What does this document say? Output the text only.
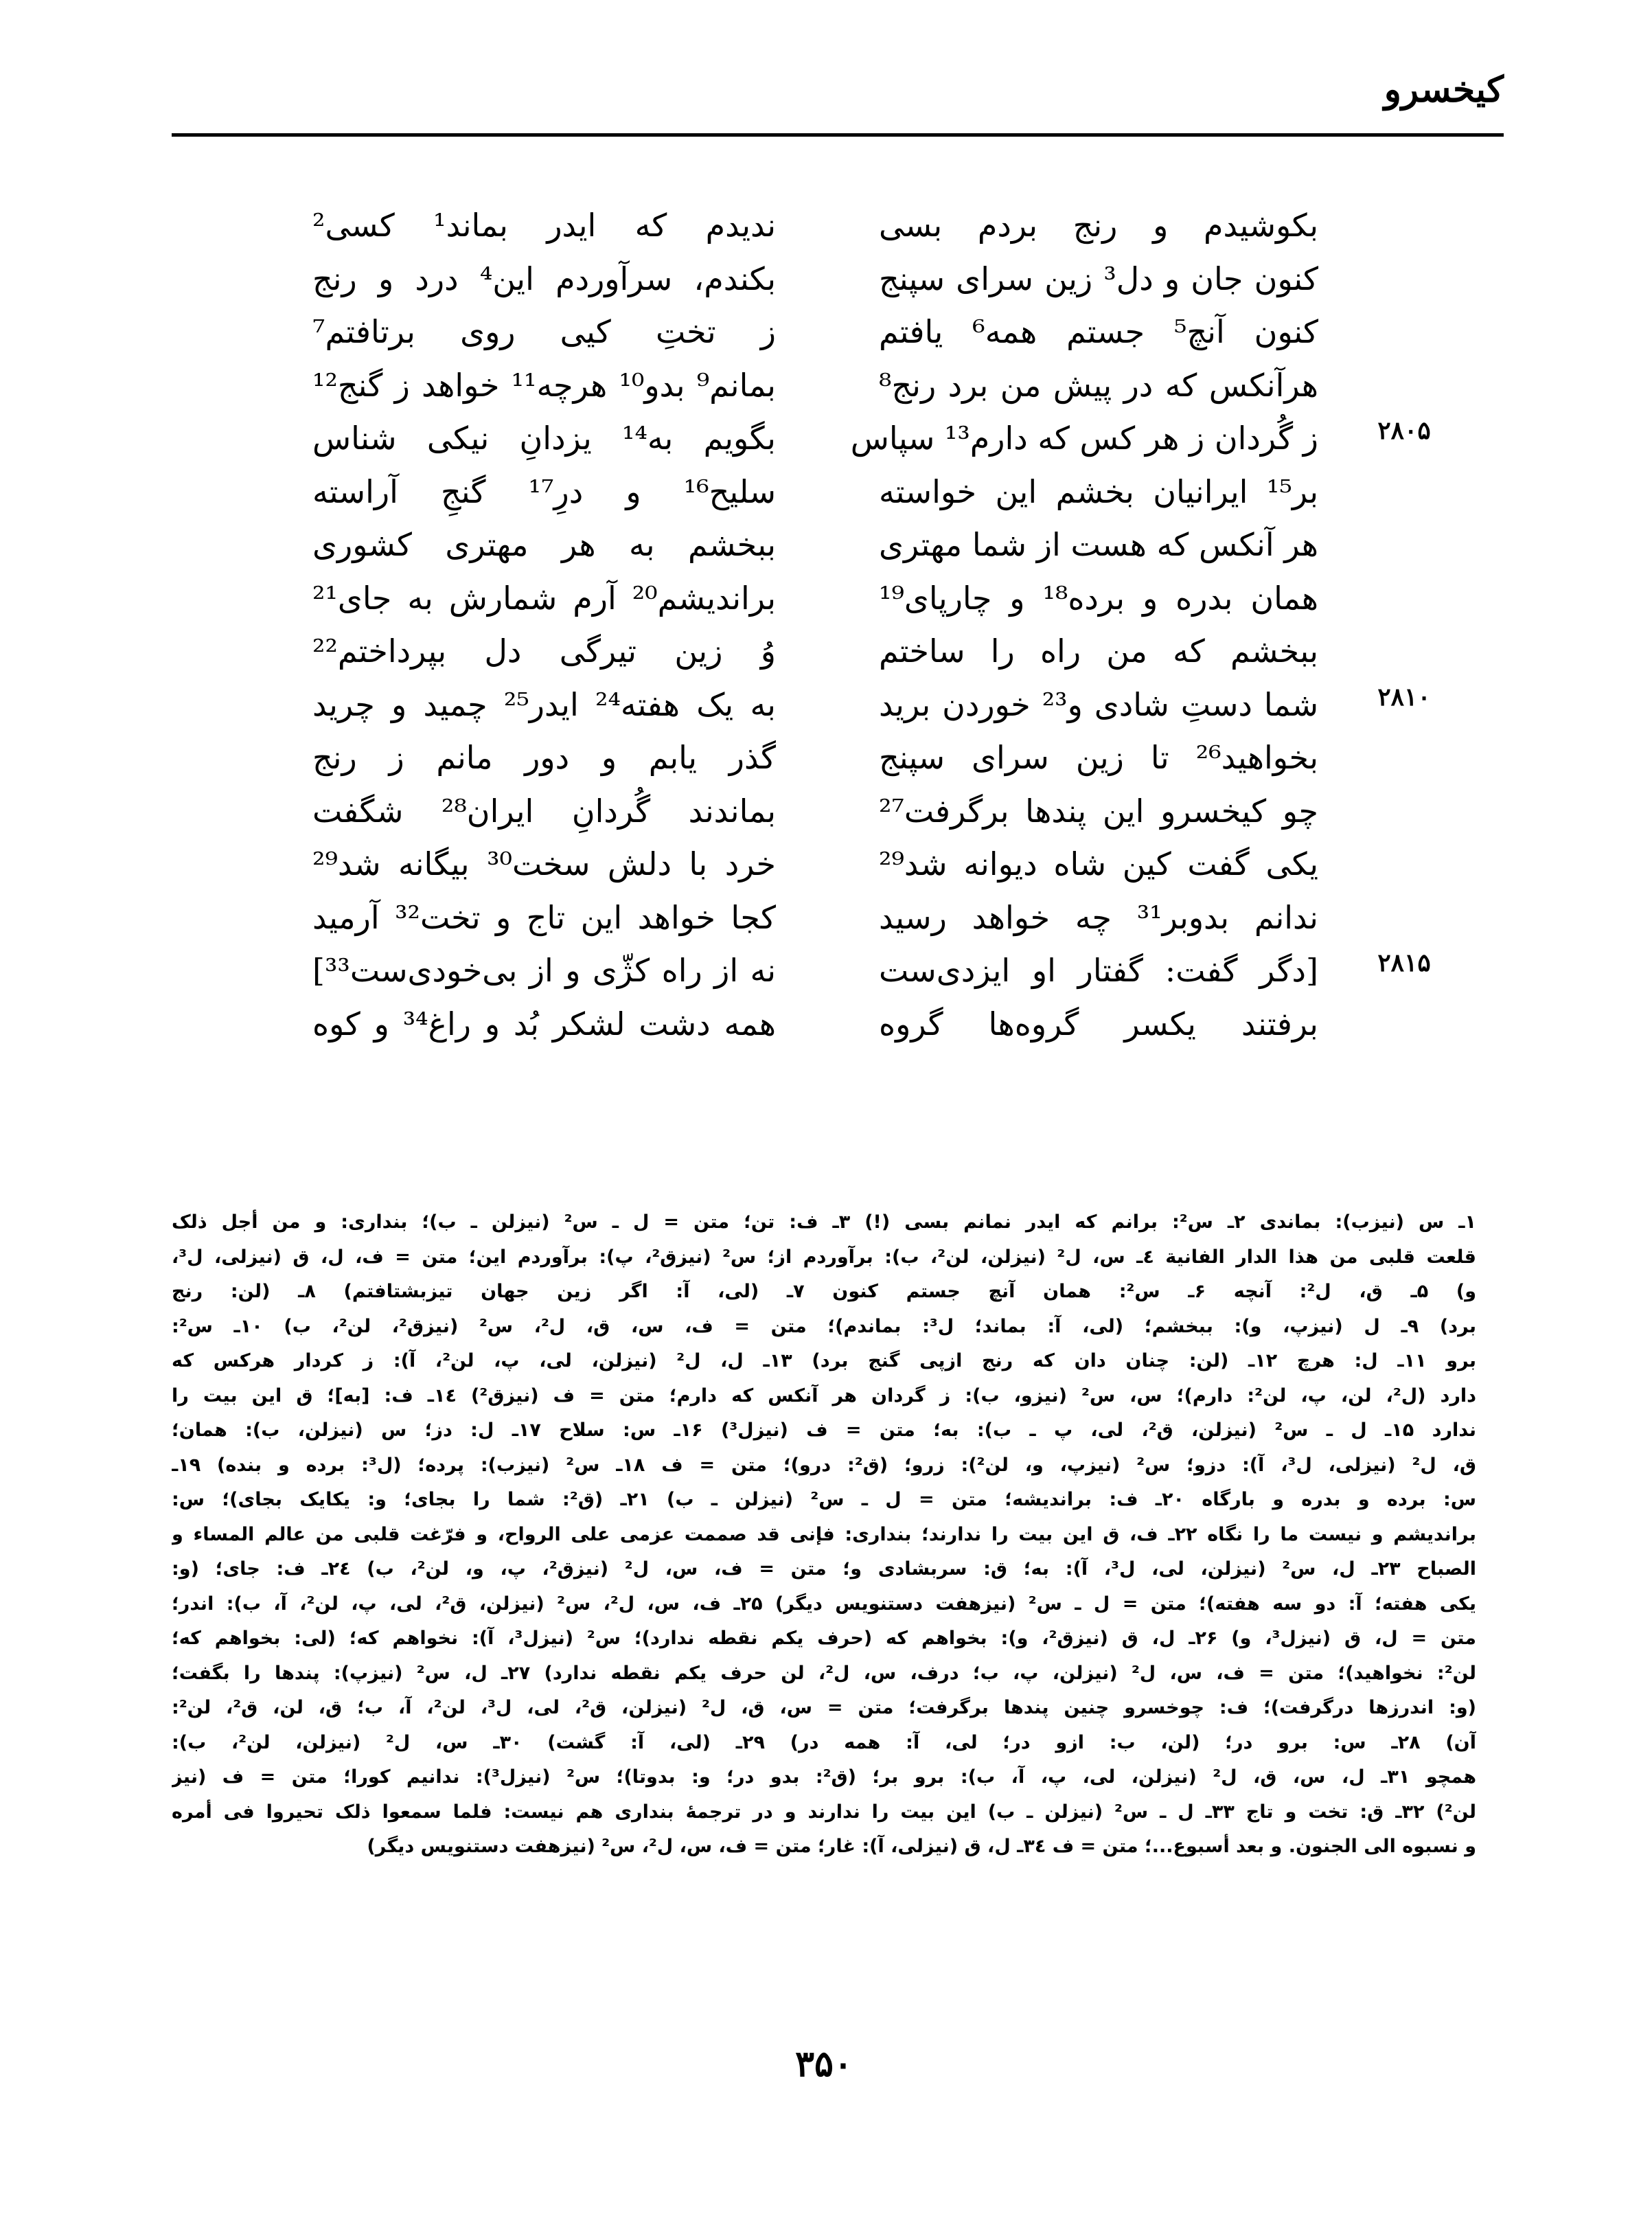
کیخسرو
بکوشیدم و رنج بردم بسی
ندیدم که ایدر بماند¹ کسی²
کنون جان و دل³ زین سرای سپنج
بکندم، سرآوردم این⁴ درد و رنج
کنون آنچ⁵ جستم همه⁶ یافتم
ز تختِ کیی روی برتافتم⁷
هرآنکس که در پیش من برد رنج⁸
بمانم⁹ بدو¹⁰ هرچه¹¹ خواهد ز گنج¹²
۲۸۰۵
ز گُردان ز هر کس که دارم¹³ سپاس
بگویم به¹⁴ یزدانِ نیکی شناس
بر¹⁵ ایرانیان بخشم این خواسته
سلیح¹⁶ و درِ¹⁷ گنجِ آراسته
هر آنکس که هست از شما مهتری
ببخشم به هر مهتری کشوری
همان بدره و برده¹⁸ و چارپای¹⁹
براندیشم²⁰ آرم شمارش به جای²¹
ببخشم که من راه را ساختم
وُ زین تیرگی دل بپرداختم²²
۲۸۱۰
شما دستِ شادی و²³ خوردن برید
به یک هفته²⁴ ایدر²⁵ چمید و چرید
بخواهید²⁶ تا زین سرای سپنج
گذر یابم و دور مانم ز رنج
چو کیخسرو این پندها برگرفت²⁷
بماندند گُردانِ ایران²⁸ شگفت
یکی گفت کین شاه دیوانه شد²⁹
خرد با دلش سخت³⁰ بیگانه شد²⁹
ندانم بدوبر³¹ چه خواهد رسید
کجا خواهد این تاج و تخت³² آرمید
۲۸۱۵
[دگر گفت: گفتار او ایزدی‌ست
نه از راه کژّی و از بی‌خودی‌ست³³]
برفتند یکسر گروه‌ها گروه
همه دشت لشکر بُد و راغ³⁴ و کوه
۱ـ س (نیزب): بماندی ۲ـ س²: برانم که ایدر نمانم بسی (!) ۳ـ ف: تن؛ متن = ل ـ س² (نیزلن ـ ب)؛ بنداری: و من أجل ذلک
قلعت قلبی من هذا الدار الفانیة ٤ـ س، ل² (نیزلن، لن²، ب): برآوردم از؛ س² (نیزق²، پ): برآوردم این؛ متن = ف، ل، ق (نیزلی، ل³،
و) ۵ـ ق، ل²: آنچه ۶ـ س²: همان آنچ جستم کنون ۷ـ (لی، آ: اگر زین جهان تیزبشتافتم) ۸ـ (لن: رنج
برد) ۹ـ ل (نیزپ، و): ببخشم؛ (لی، آ: بماند؛ ل³: بماندم)؛ متن = ف، س، ق، ل²، س² (نیزق²، لن²، ب) ۱۰ـ س²:
برو ۱۱ـ ل: هرچ ۱۲ـ (لن: چنان دان که رنج ازپی گنج برد) ۱۳ـ ل، ل² (نیزلن، لی، پ، لن²، آ): ز کردار هرکس که
دارد (ل²، لن، پ، لن²: دارم)؛ س، س² (نیزو، ب): ز گردان هر آنکس که دارم؛ متن = ف (نیزق²) ١٤ـ ف: [به]؛ ق این بیت را
ندارد ۱۵ـ ل ـ س² (نیزلن، ق²، لی، پ ـ ب): به؛ متن = ف (نیزل³) ۱۶ـ س: سلاح ۱۷ـ ل: دز؛ س (نیزلن، ب): همان؛
ق، ل² (نیزلی، ل³، آ): دزو؛ س² (نیزپ، و، لن²): زرو؛ (ق²: درو)؛ متن = ف ۱۸ـ س² (نیزب): پرده؛ (ل³: برده و بنده) ۱۹ـ
س: برده و بدره و بارگاه ۲۰ـ ف: براندیشه؛ متن = ل ـ س² (نیزلن ـ ب) ۲۱ـ (ق²: شما را بجای؛ و: یکایک بجای)؛ س:
براندیشم و نیست ما را نگاه ۲۲ـ ف، ق این بیت را ندارند؛ بنداری: فإنی قد صممت عزمی علی الرواح، و فرّغت قلبی من عالم المساء و
الصباح ۲۳ـ ل، س² (نیزلن، لی، ل³، آ): به؛ ق: سربشادی و؛ متن = ف، س، ل² (نیزق²، پ، و، لن²، ب) ٢٤ـ ف: جای؛ (و:
یکی هفته؛ آ: دو سه هفته)؛ متن = ل ـ س² (نیزهفت دستنویس دیگر) ۲۵ـ ف، س، ل²، س² (نیزلن، ق²، لی، پ، لن²، آ، ب): اندر؛
متن = ل، ق (نیزل³، و) ۲۶ـ ل، ق (نیزق²، و): بخواهم که (حرف یکم نقطه ندارد)؛ س² (نیزل³، آ): نخواهم که؛ (لی: بخواهم که؛
لن²: نخواهید)؛ متن = ف، س، ل² (نیزلن، پ، ب؛ درف، س، ل²، لن حرف یکم نقطه ندارد) ۲۷ـ ل، س² (نیزپ): پندها را بگفت؛
(و: اندرزها درگرفت)؛ ف: چوخسرو چنین پندها برگرفت؛ متن = س، ق، ل² (نیزلن، ق²، لی، ل³، لن²، آ، ب؛ ق، لن، ق²، لن²:
آن) ۲۸ـ س: برو در؛ (لن، ب: ازو در؛ لی، آ: همه در) ۲۹ـ (لی، آ: گشت) ۳۰ـ س، ل² (نیزلن، لن²، ب):
همچو ۳۱ـ ل، س، ق، ل² (نیزلن، لی، پ، آ، ب): برو بر؛ (ق²: بدو در؛ و: بدوتا)؛ س² (نیزل³): ندانیم کورا؛ متن = ف (نیز
لن²) ۳۲ـ ق: تخت و تاج ۳۳ـ ل ـ س² (نیزلن ـ ب) این بیت را ندارند و در ترجمهٔ بنداری هم نیست: فلما سمعوا ذلک تحیروا فی أمره
و نسبوه الی الجنون. و بعد أسبوع...؛ متن = ف ٣٤ـ ل، ق (نیزلی، آ): غار؛ متن = ف، س، ل²، س² (نیزهفت دستنویس دیگر)
۳۵۰
